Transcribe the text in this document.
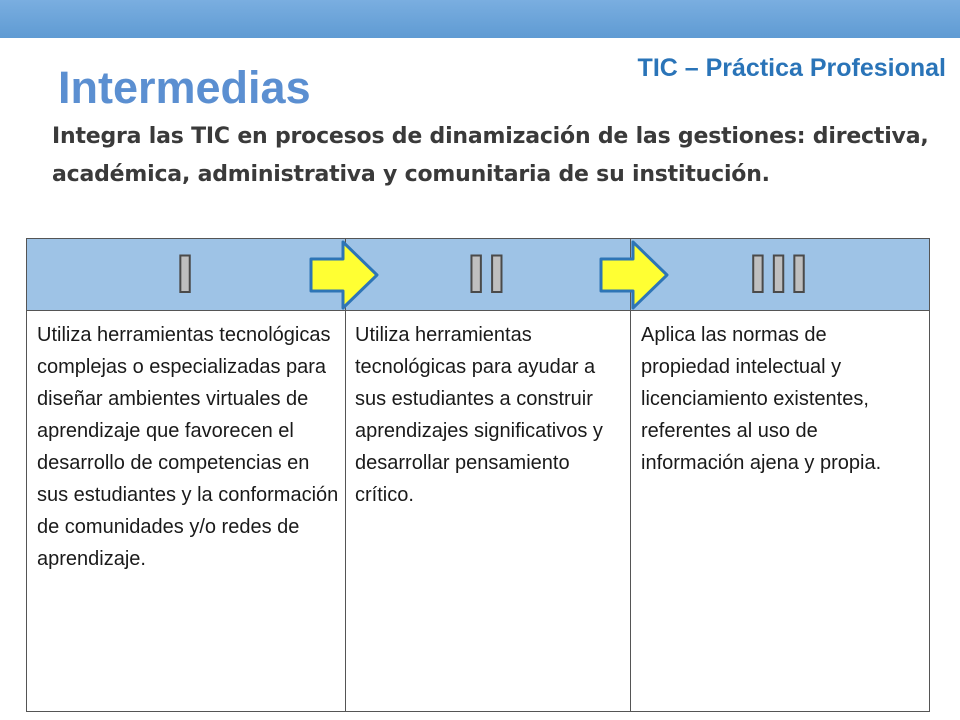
TIC – Práctica Profesional
Intermedias
Integra las TIC en procesos de dinamización de las gestiones: directiva, académica, administrativa y comunitaria de su institución.
I	II	III
Utiliza herramientas tecnológicas complejas o especializadas para diseñar ambientes virtuales de aprendizaje que favorecen el desarrollo de competencias en sus estudiantes y la conformación de comunidades y/o redes de aprendizaje.
Utiliza herramientas tecnológicas para ayudar a sus estudiantes a construir aprendizajes significativos y desarrollar pensamiento crítico.
Aplica las normas de propiedad intelectual y licenciamiento existentes, referentes al uso de información ajena y propia.
